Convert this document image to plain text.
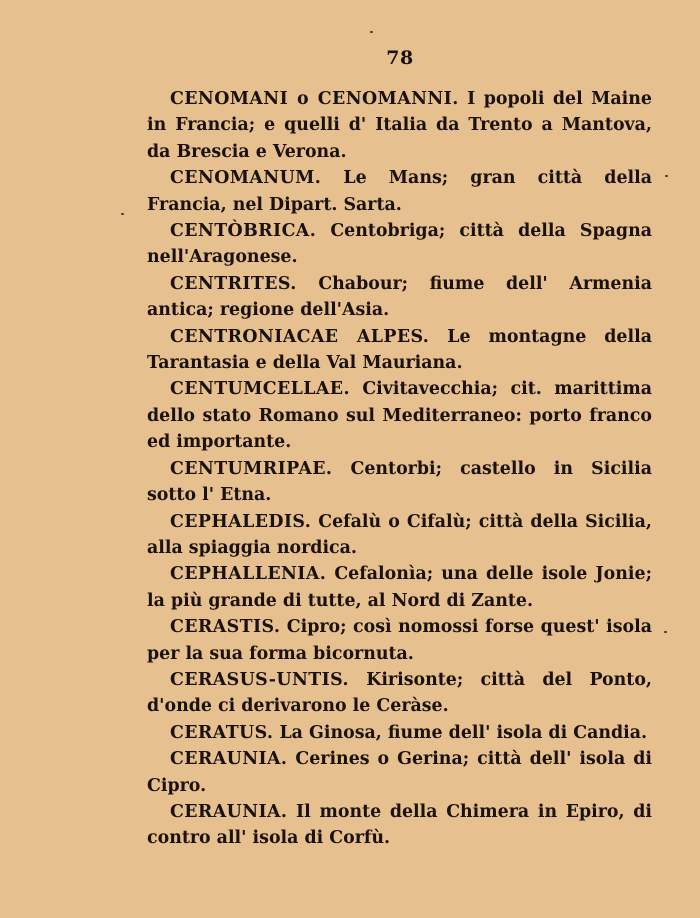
78

CENOMANI o CENOMANNI. I popoli del Maine in Francia; e quelli d' Italia da Trento a Mantova, da Brescia e Verona.

CENOMANUM. Le Mans; gran città della Francia, nel Dipart. Sarta.

CENTÒBRICA. Centobriga; città della Spagna nell'Aragonese.

CENTRITES. Chabour; fiume dell' Armenia antica; regione dell'Asia.

CENTRONIACAE ALPES. Le montagne della Tarantasia e della Val Mauriana.

CENTUMCELLAE. Civitavecchia; cit. marittima dello stato Romano sul Mediterraneo: porto franco ed importante.

CENTUMRIPAE. Centorbi; castello in Sicilia sotto l' Etna.

CEPHALEDIS. Cefalù o Cifalù; città della Sicilia, alla spiaggia nordica.

CEPHALLENIA. Cefalonìa; una delle isole Jonie; la più grande di tutte, al Nord di Zante.

CERASTIS. Cipro; così nomossi forse quest' isola per la sua forma bicornuta.

CERASUS-UNTIS. Kirisonte; città del Ponto, d'onde ci derivarono le Ceràse.

CERATUS. La Ginosa, fiume dell' isola di Candia.

CERAUNIA. Cerines o Gerina; città dell' isola di Cipro.

CERAUNIA. Il monte della Chimera in Epiro, di contro all' isola di Corfù.
